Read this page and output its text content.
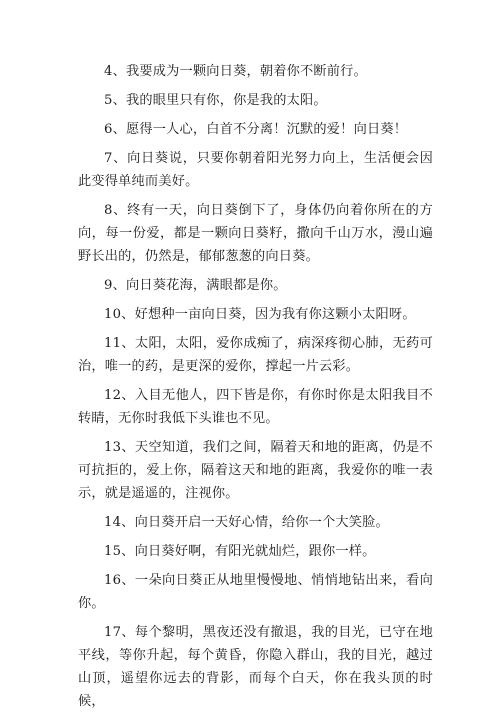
4、我要成为一颗向日葵，朝着你不断前行。

5、我的眼里只有你，你是我的太阳。

6、愿得一人心，白首不分离！沉默的爱！向日葵！

7、向日葵说，只要你朝着阳光努力向上，生活便会因此变得单纯而美好。

8、终有一天，向日葵倒下了，身体仍向着你所在的方向，每一份爱，都是一颗向日葵籽，撒向千山万水，漫山遍野长出的，仍然是，郁郁葱葱的向日葵。

9、向日葵花海，满眼都是你。

10、好想种一亩向日葵，因为我有你这颗小太阳呀。

11、太阳，太阳，爱你成痴了，病深疼彻心肺，无药可治，唯一的药，是更深的爱你，撑起一片云彩。

12、入目无他人，四下皆是你，有你时你是太阳我目不转睛，无你时我低下头谁也不见。

13、天空知道，我们之间，隔着天和地的距离，仍是不可抗拒的，爱上你，隔着这天和地的距离，我爱你的唯一表示，就是遥遥的，注视你。

14、向日葵开启一天好心情，给你一个大笑脸。

15、向日葵好啊，有阳光就灿烂，跟你一样。

16、一朵向日葵正从地里慢慢地、悄悄地钻出来，看向你。

17、每个黎明，黑夜还没有撤退，我的目光，已守在地平线，等你升起，每个黄昏，你隐入群山，我的目光，越过山顶，遥望你远去的背影，而每个白天，你在我头顶的时候，
